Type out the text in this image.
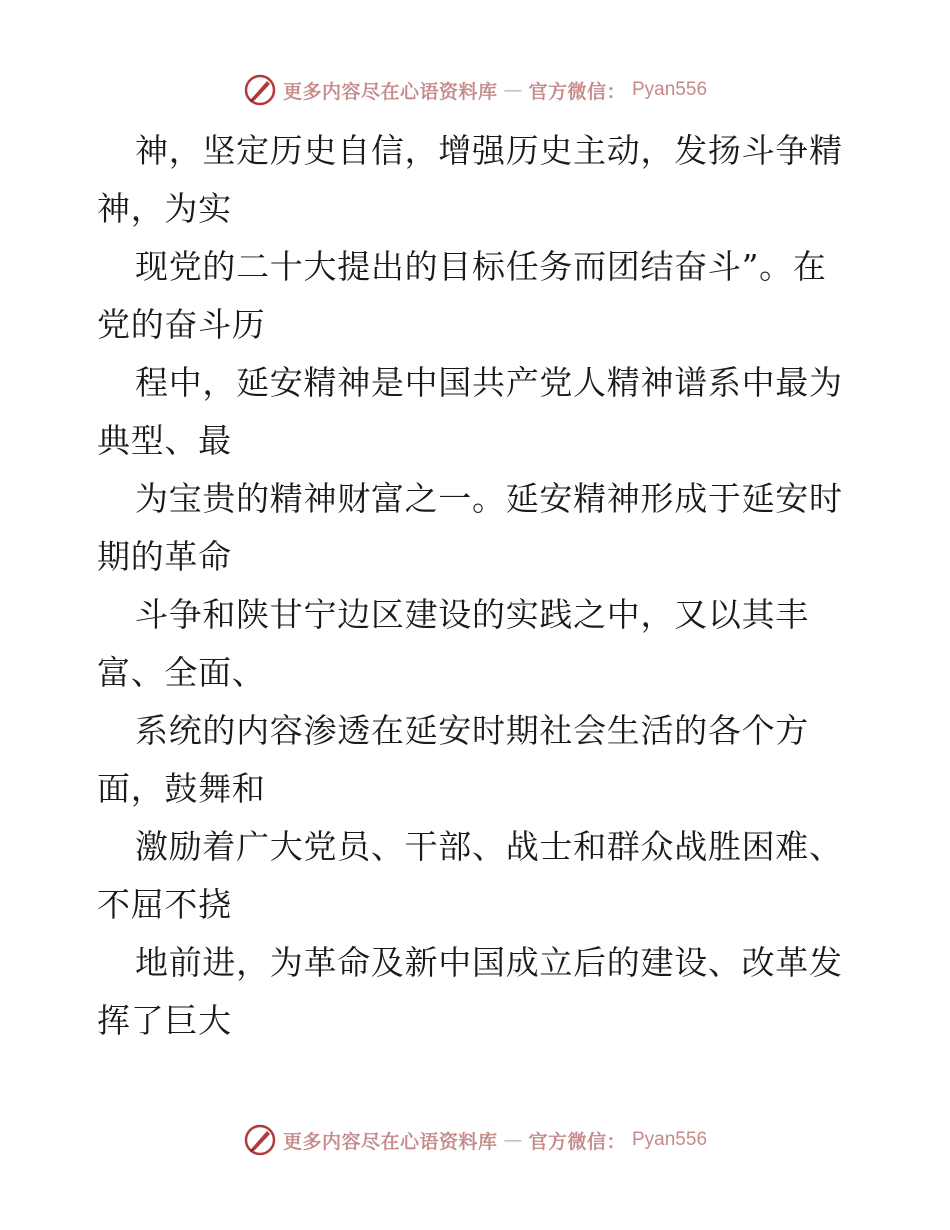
更多内容尽在心语资料库 — 官方微信： Pyan556
神，坚定历史自信，增强历史主动，发扬斗争精
神，为实
现党的二十大提出的目标任务而团结奋斗”。在
党的奋斗历
程中，延安精神是中国共产党人精神谱系中最为
典型、最
为宝贵的精神财富之一。延安精神形成于延安时
期的革命
斗争和陕甘宁边区建设的实践之中，又以其丰
富、全面、
系统的内容渗透在延安时期社会生活的各个方
面，鼓舞和
激励着广大党员、干部、战士和群众战胜困难、
不屈不挠
地前进，为革命及新中国成立后的建设、改革发
挥了巨大
更多内容尽在心语资料库 — 官方微信： Pyan556
